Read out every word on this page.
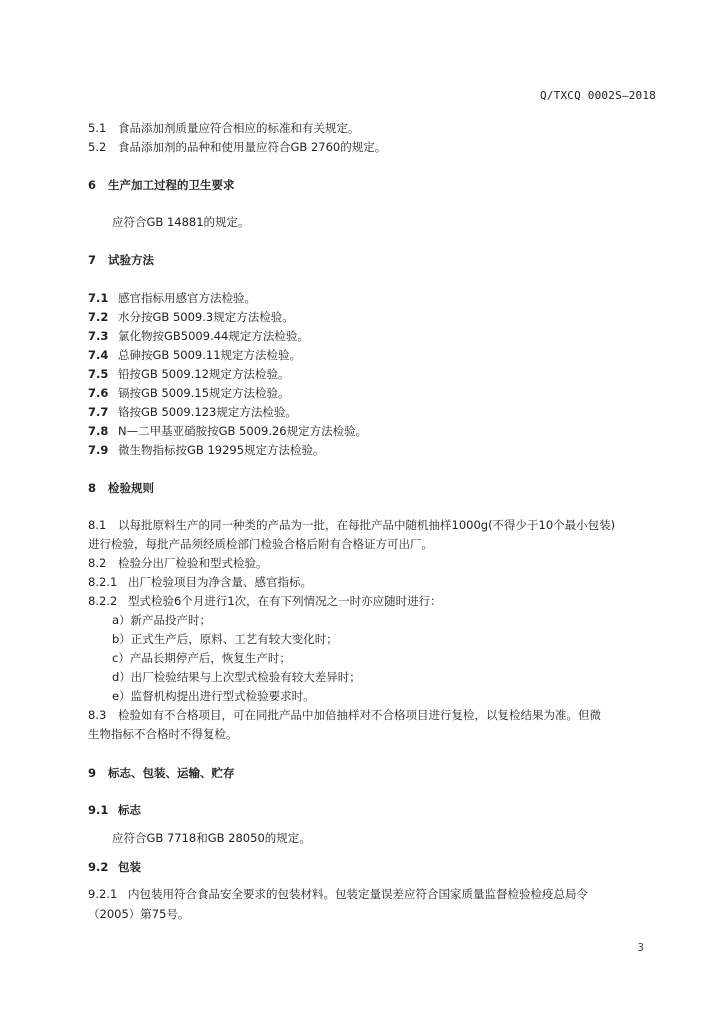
Q/TXCQ 0002S—2018
5.1 食品添加剂质量应符合相应的标准和有关规定。
5.2 食品添加剂的品种和使用量应符合GB 2760的规定。
6 生产加工过程的卫生要求
应符合GB 14881的规定。
7 试验方法
7.1 感官指标用感官方法检验。
7.2 水分按GB 5009.3规定方法检验。
7.3 氯化物按GB5009.44规定方法检验。
7.4 总砷按GB 5009.11规定方法检验。
7.5 铅按GB 5009.12规定方法检验。
7.6 镉按GB 5009.15规定方法检验。
7.7 铬按GB 5009.123规定方法检验。
7.8 N—二甲基亚硝胺按GB 5009.26规定方法检验。
7.9 微生物指标按GB 19295规定方法检验。
8 检验规则
8.1 以每批原料生产的同一种类的产品为一批，在每批产品中随机抽样1000g(不得少于10个最小包装)
进行检验，每批产品须经质检部门检验合格后附有合格证方可出厂。
8.2 检验分出厂检验和型式检验。
8.2.1 出厂检验项目为净含量、感官指标。
8.2.2 型式检验6个月进行1次，在有下列情况之一时亦应随时进行：
a）新产品投产时；
b）正式生产后，原料、工艺有较大变化时；
c）产品长期停产后，恢复生产时；
d）出厂检验结果与上次型式检验有较大差异时；
e）监督机构提出进行型式检验要求时。
8.3 检验如有不合格项目，可在同批产品中加倍抽样对不合格项目进行复检，以复检结果为准。但微
生物指标不合格时不得复检。
9 标志、包装、运输、贮存
9.1 标志
应符合GB 7718和GB 28050的规定。
9.2 包装
9.2.1 内包装用符合食品安全要求的包装材料。包装定量误差应符合国家质量监督检验检疫总局令
（2005）第75号。
3
